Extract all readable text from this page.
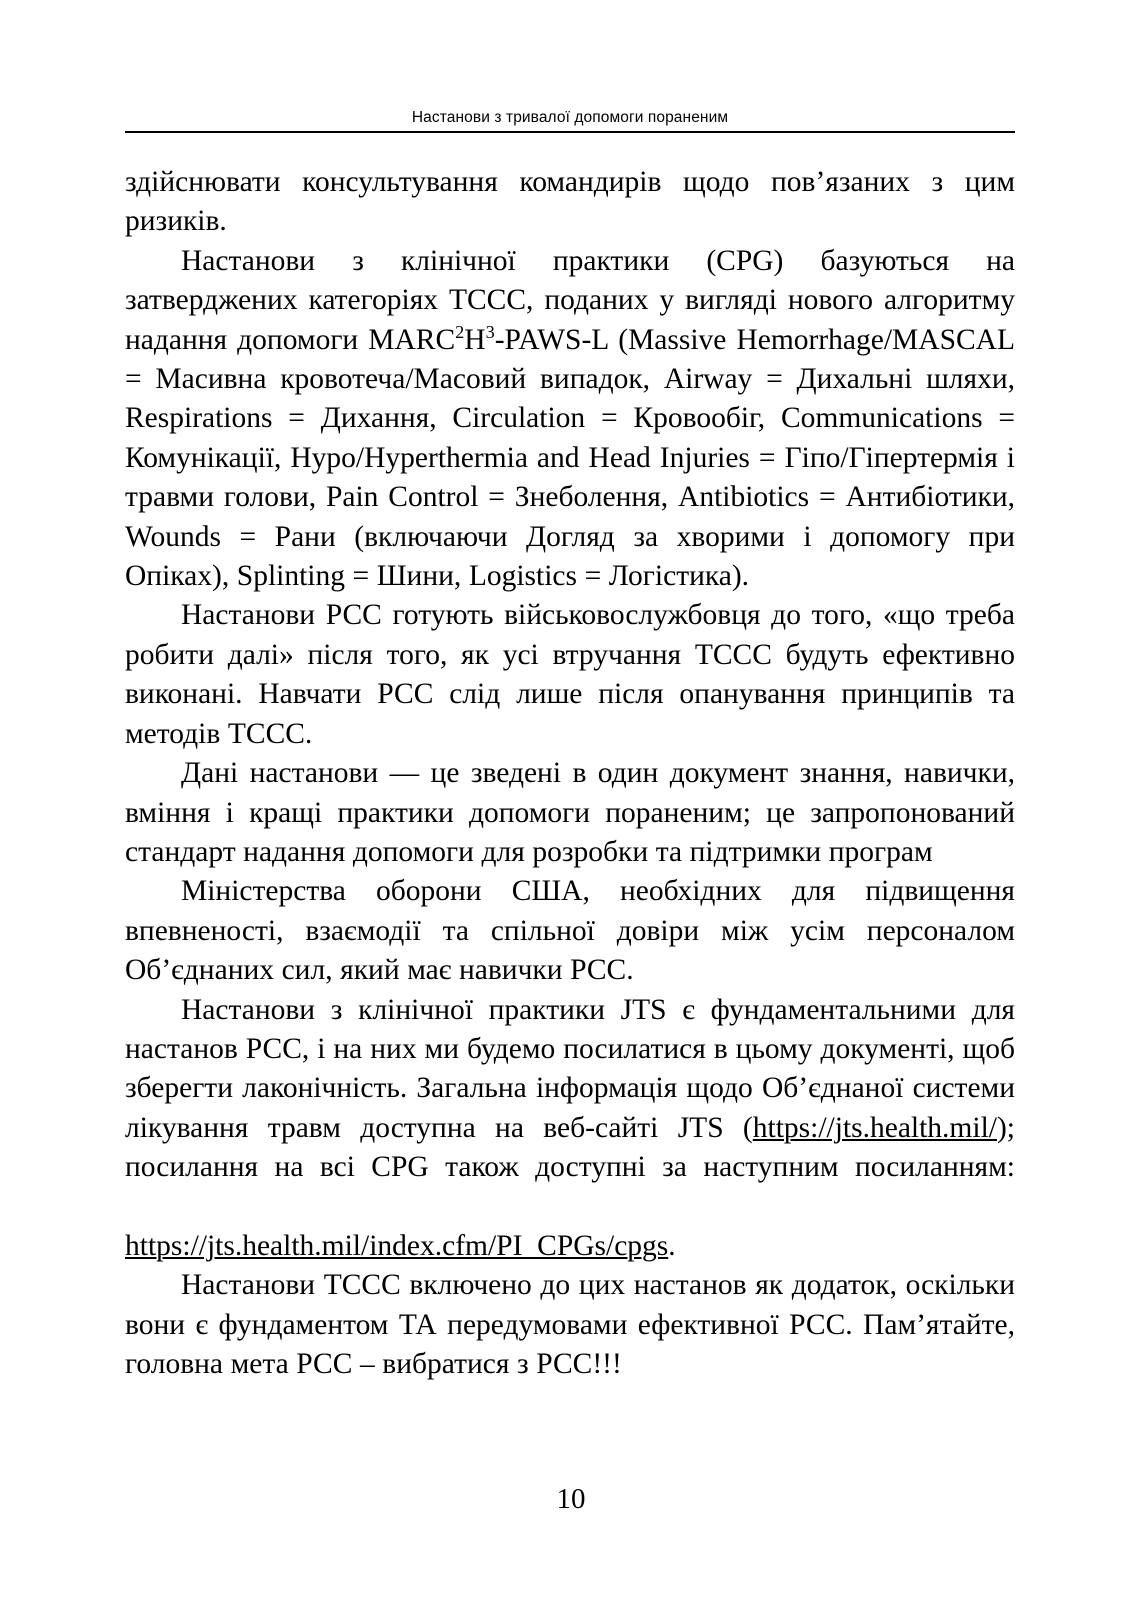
Настанови з тривалої допомоги пораненим

здійснювати консультування командирів щодо пов’язаних з цим ризиків.

Настанови з клінічної практики (CPG) базуються на затверджених категоріях TCCC, поданих у вигляді нового алгоритму надання допомоги $MARC^2H^3-PAWS-L$ (Massive Hemorrhage/MASCAL = Масивна кровотеча/Масовий випадок, Airway = Дихальні шляхи, Respirations = Дихання, Circulation = Кровообіг, Communications = Комунікації, Hypo/Hyperthermia and Head Injuries = Гіпо/Гіпертермія і травми голови, Pain Control = Знеболення, Antibiotics = Антибіотики, Wounds = Рани (включаючи Догляд за хворими і допомогу при Опіках), Splinting = Шини, Logistics = Логістика).

Настанови РСС готують військовослужбовця до того, «що треба робити далі» після того, як усі втручання TCCC будуть ефективно виконані. Навчати РСС слід лише після опанування принципів та методів TCCC.

Дані настанови — це зведені в один документ знання, навички, вміння і кращі практики допомоги пораненим; це запропонований стандарт надання допомоги для розробки та підтримки програм

Міністерства оборони США, необхідних для підвищення впевненості, взаємодії та спільної довіри між усім персоналом Об’єднаних сил, який має навички РСС.

Настанови з клінічної практики JTS є фундаментальними для настанов РСС, і на них ми будемо посилатися в цьому документі, щоб зберегти лаконічність. Загальна інформація щодо Об’єднаної системи лікування травм доступна на веб-сайті JTS (https://jts.health.mil/); посилання на всі CPG також доступні за наступним посиланням:

https://jts.health.mil/index.cfm/PI_CPGs/cpgs.

Настанови TCCC включено до цих настанов як додаток, оскільки вони є фундаментом ТА передумовами ефективної РСС. Пам’ятайте, головна мета РСС – вибратися з РСС!!!

10
